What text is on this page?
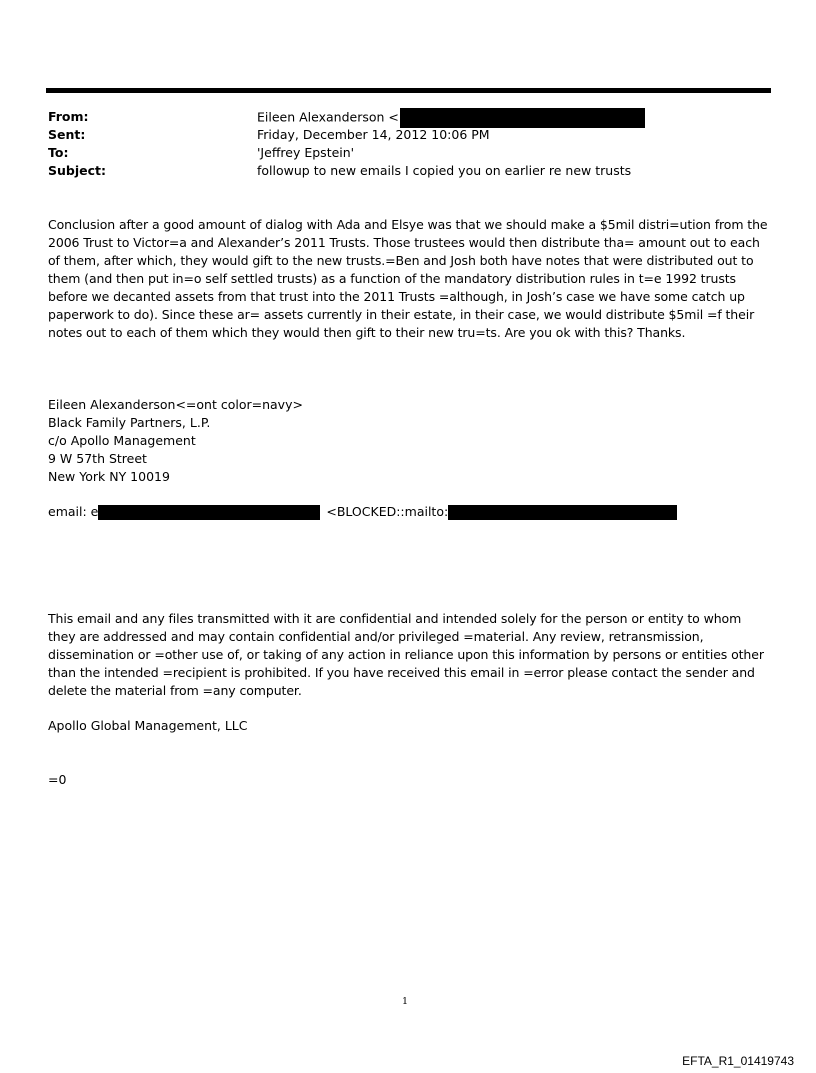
From:	Eileen Alexanderson <
Sent:	Friday, December 14, 2012 10:06 PM
To:	'Jeffrey Epstein'
Subject:	followup to new emails I copied you on earlier re new trusts

Conclusion after a good amount of dialog with Ada and Elsye was that we should make a $5mil distri=ution from the 2006 Trust to Victor=a and Alexander’s 2011 Trusts. Those trustees would then distribute tha= amount out to each of them, after which, they would gift to the new trusts.=Ben and Josh both have notes that were distributed out to them (and then put in=o self settled trusts) as a function of the mandatory distribution rules in t=e 1992 trusts before we decanted assets from that trust into the 2011 Trusts =although, in Josh’s case we have some catch up paperwork to do). Since these ar= assets currently in their estate, in their case, we would distribute $5mil =f their notes out to each of them which they would then gift to their new tru=ts. Are you ok with this? Thanks.

Eileen Alexanderson<=ont color=navy>
Black Family Partners, L.P.
c/o Apollo Management
9 W 57th Street
New York NY 10019
email: e	<BLOCKED::mailto:

This email and any files transmitted with it are confidential and intended solely for the person or entity to whom they are addressed and may contain confidential and/or privileged =material. Any review, retransmission, dissemination or =other use of, or taking of any action in reliance upon this information by persons or entities other than the intended =recipient is prohibited. If you have received this email in =error please contact the sender and delete the material from =any computer.

Apollo Global Management, LLC
=0
1
EFTA_R1_01419743
